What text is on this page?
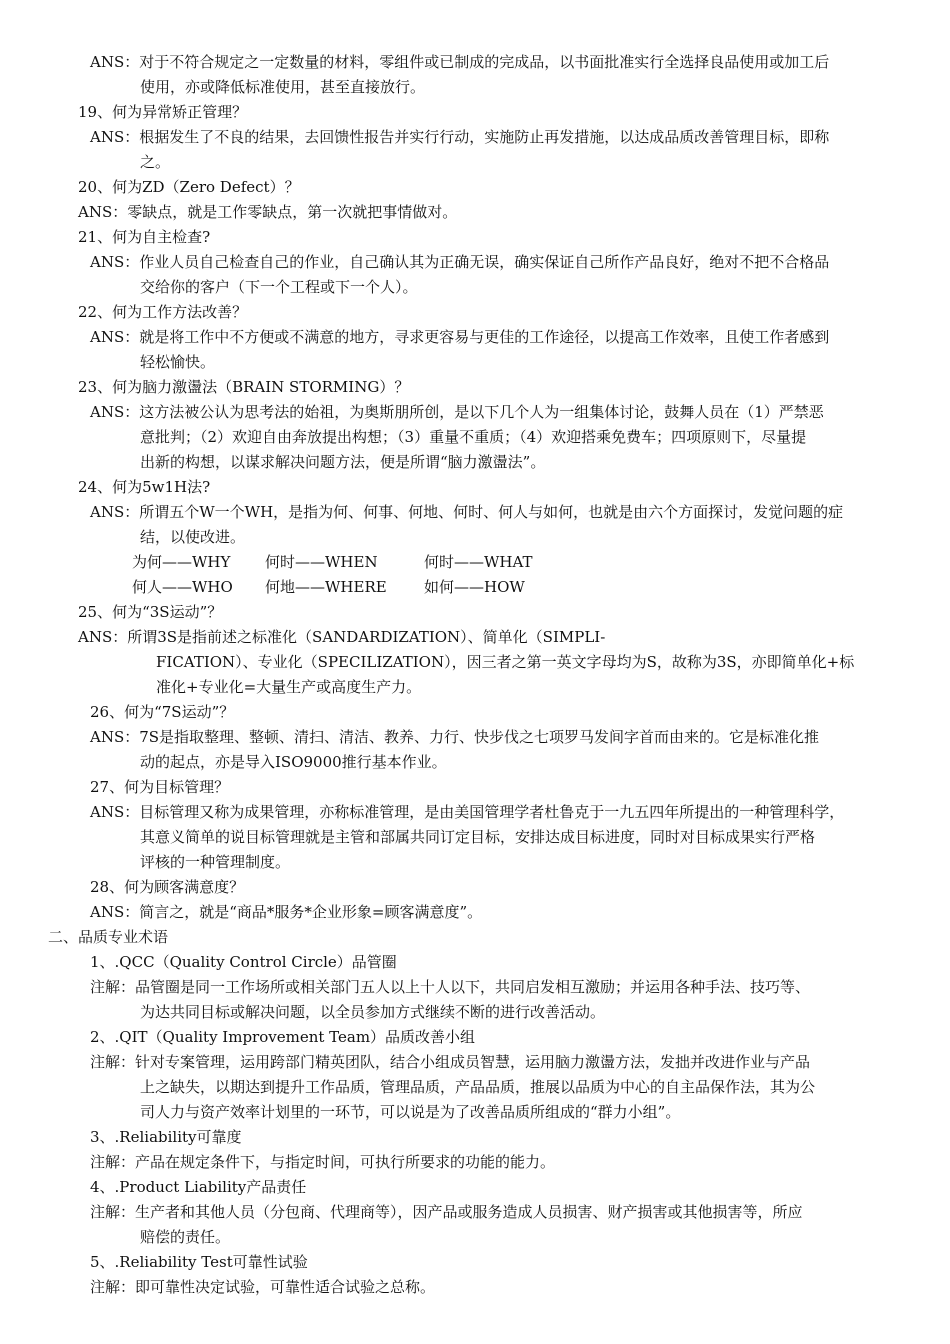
ANS：对于不符合规定之一定数量的材料，零组件或已制成的完成品，以书面批准实行全选择良品使用或加工后
使用，亦或降低标准使用，甚至直接放行。
19、何为异常矫正管理？
ANS：根据发生了不良的结果，去回馈性报告并实行行动，实施防止再发措施，以达成品质改善管理目标，即称
之。
20、何为ZD（Zero Defect）？
ANS：零缺点，就是工作零缺点，第一次就把事情做对。
21、何为自主检查?
ANS：作业人员自己检查自己的作业，自己确认其为正确无误，确实保证自己所作产品良好，绝对不把不合格品
交给你的客户（下一个工程或下一个人）。
22、何为工作方法改善？
ANS：就是将工作中不方便或不满意的地方，寻求更容易与更佳的工作途径，以提高工作效率，且使工作者感到
轻松愉快。
23、何为脑力激盪法（BRAIN STORMING）？
ANS：这方法被公认为思考法的始祖，为奥斯朋所创，是以下几个人为一组集体讨论，鼓舞人员在（1）严禁恶
意批判；（2）欢迎自由奔放提出构想；（3）重量不重质；（4）欢迎搭乘免费车；四项原则下，尽量提
出新的构想，以谋求解决问题方法，便是所谓“脑力激盪法”。
24、何为5w1H法?
ANS：所谓五个W一个WH，是指为何、何事、何地、何时、何人与如何，也就是由六个方面探讨，发觉问题的症
结，以使改进。
为何——WHY 何时——WHEN	何时——WHAT
何人——WHO 何地——WHERE 如何——HOW
25、何为“3S运动”？
ANS：所谓3S是指前述之标准化（SANDARDIZATION）、简单化（SIMPLI-
FICATION）、专业化（SPECILIZATION），因三者之第一英文字母均为S，故称为3S，亦即简单化+标
准化+专业化=大量生产或高度生产力。
26、何为“7S运动”？
ANS：7S是指取整理、整顿、清扫、清洁、教养、力行、快步伐之七项罗马发间字首而由来的。它是标准化推
动的起点，亦是导入ISO9000推行基本作业。
27、何为目标管理？
ANS：目标管理又称为成果管理，亦称标准管理，是由美国管理学者杜鲁克于一九五四年所提出的一种管理科学，
其意义简单的说目标管理就是主管和部属共同订定目标，安排达成目标进度，同时对目标成果实行严格
评核的一种管理制度。
28、何为顾客满意度？
ANS：简言之，就是“商品*服务*企业形象=顾客满意度”。
二、品质专业术语
1、.QCC（Quality Control Circle）品管圈
注解：品管圈是同一工作场所或相关部门五人以上十人以下，共同启发相互激励；并运用各种手法、技巧等、
为达共同目标或解决问题，以全员参加方式继续不断的进行改善活动。
2、.QIT（Quality Improvement Team）品质改善小组
注解：针对专案管理，运用跨部门精英团队，结合小组成员智慧，运用脑力激盪方法，发拙并改进作业与产品
上之缺失，以期达到提升工作品质，管理品质，产品品质，推展以品质为中心的自主品保作法，其为公
司人力与资产效率计划里的一环节，可以说是为了改善品质所组成的“群力小组”。
3、.Reliability可靠度
注解：产品在规定条件下，与指定时间，可执行所要求的功能的能力。
4、.Product Liability产品责任
注解：生产者和其他人员（分包商、代理商等），因产品或服务造成人员损害、财产损害或其他损害等，所应
赔偿的责任。
5、.Reliability Test可靠性试验
注解：即可靠性决定试验，可靠性适合试验之总称。
